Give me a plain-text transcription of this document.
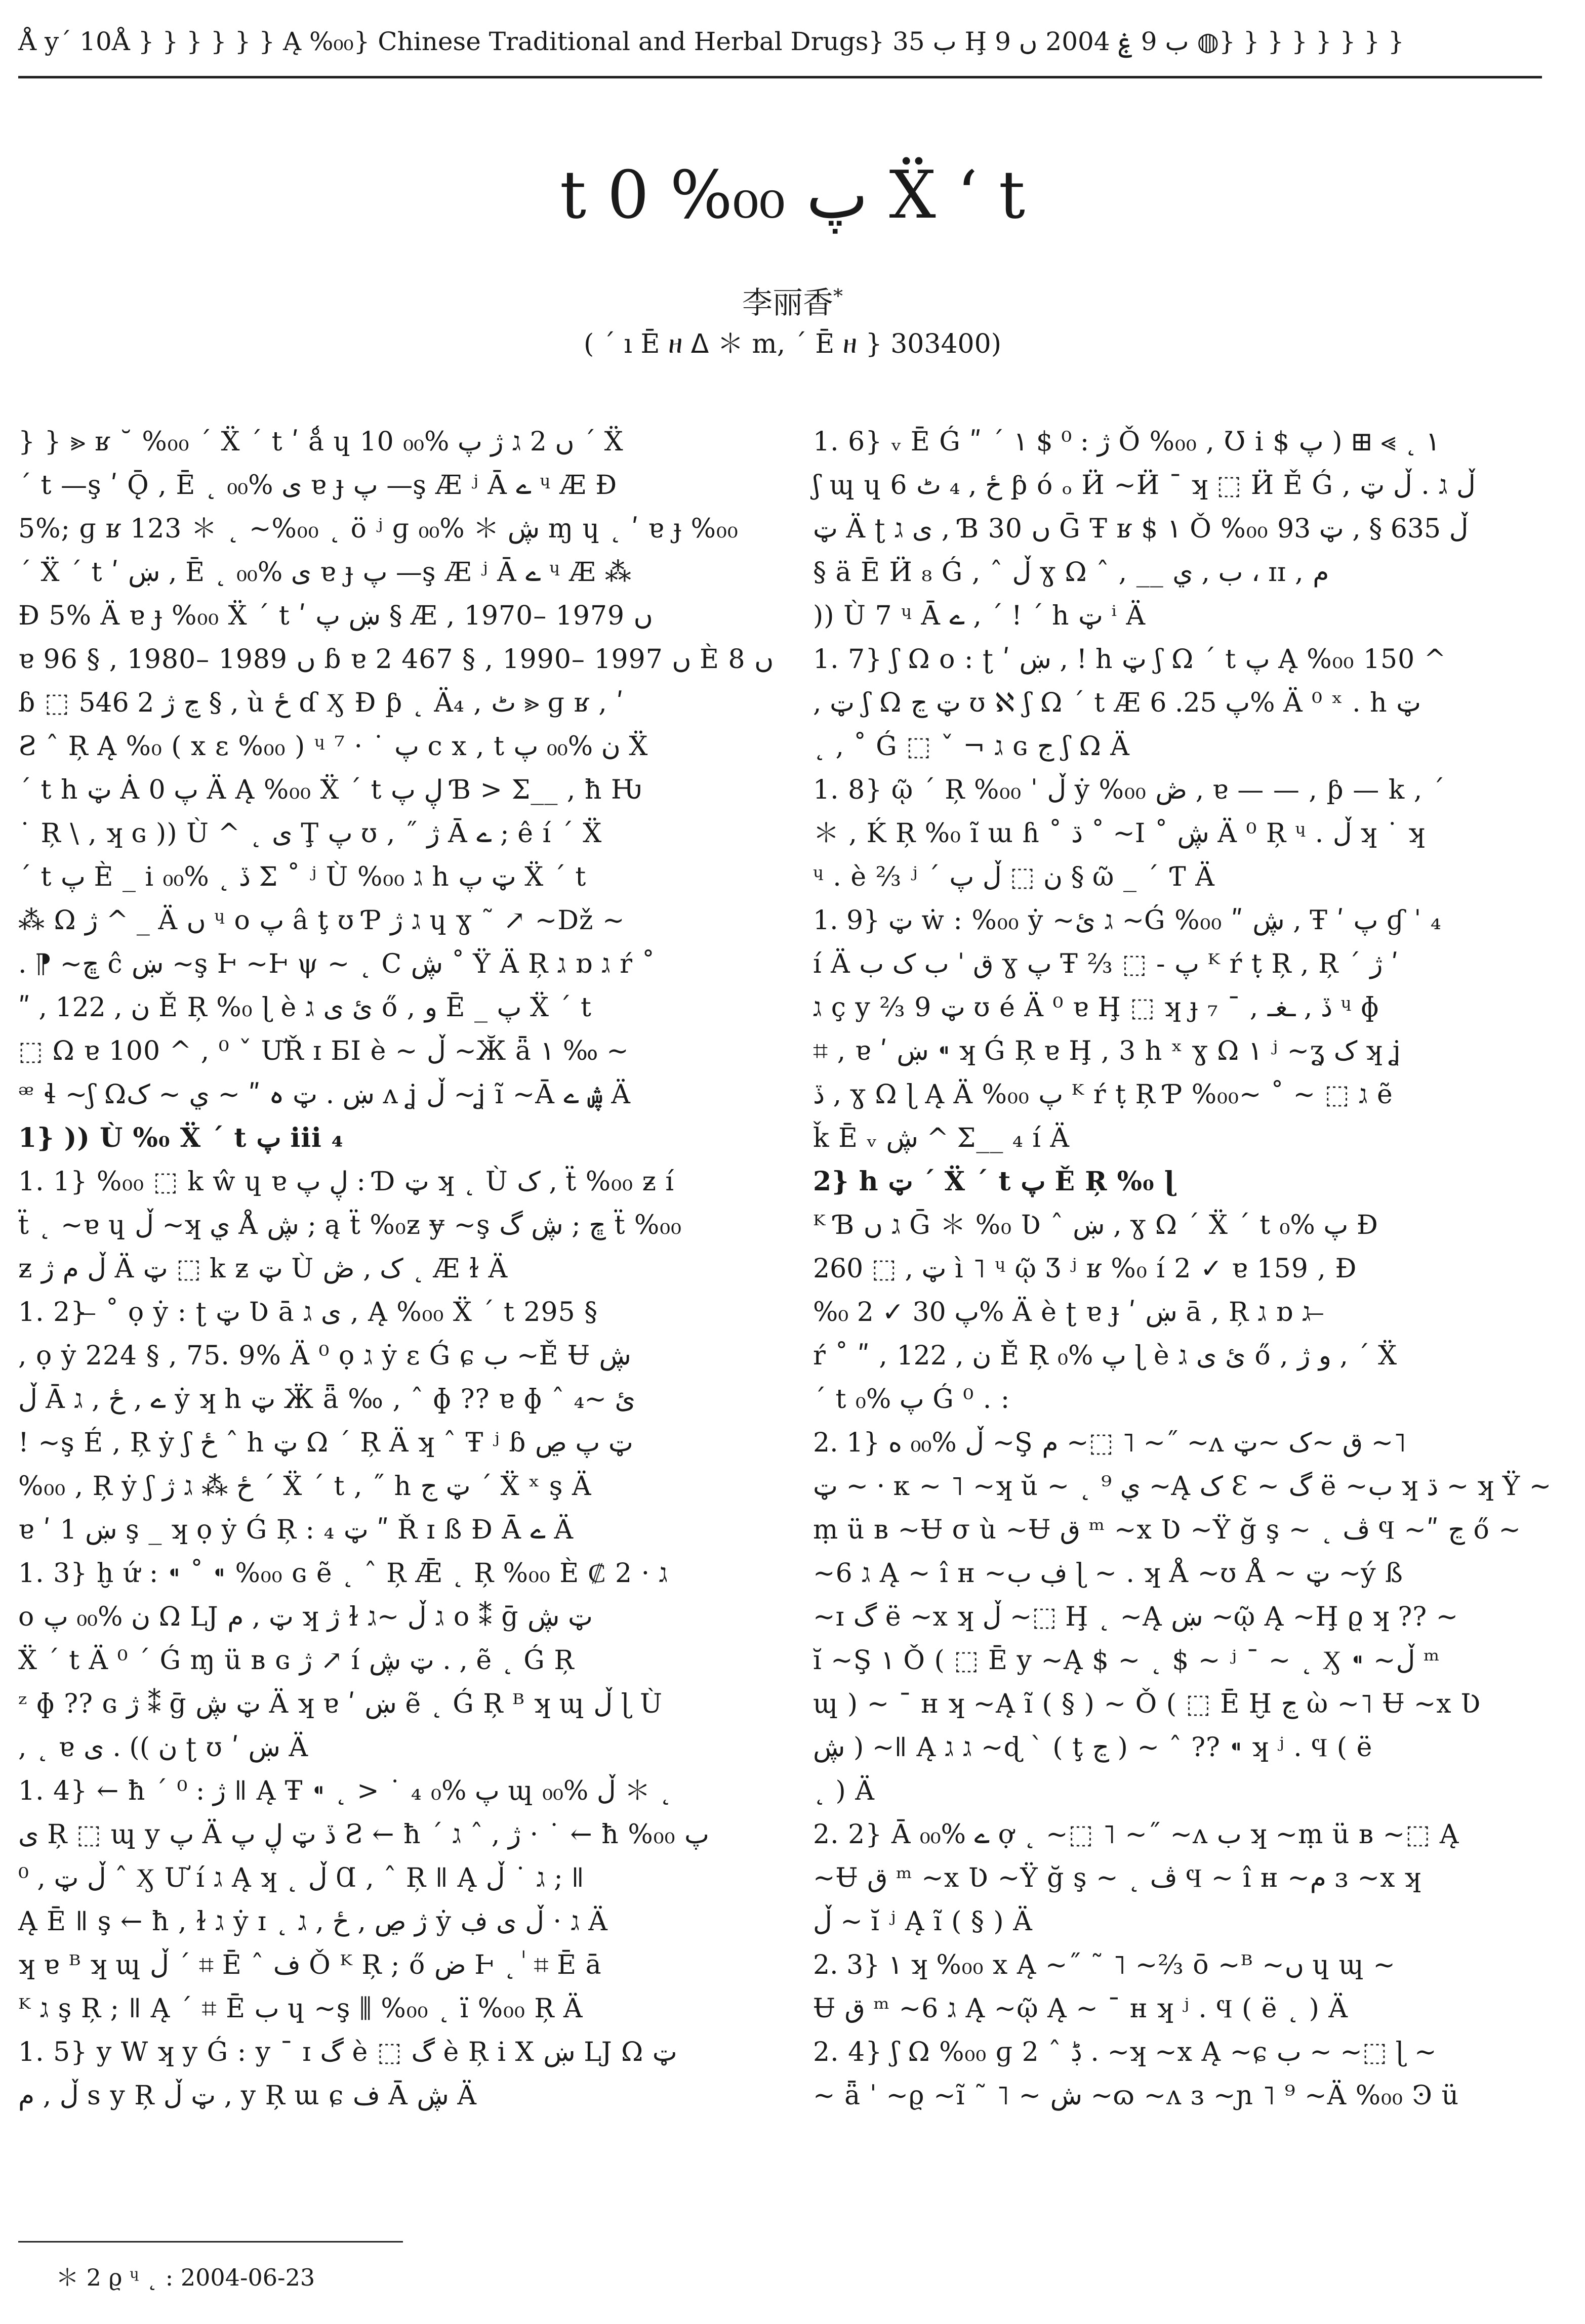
Å y´ 10Å } } } } } } Ą %₀₀} Chinese Traditional and Herbal Drugs} ب 35 Ḩ ب 9 ۼ 2004 ں 9 ◍} } } } } } } }
t 0 %₀₀ پ Ẍ ʻ t
李丽香*
( ´ ı Ē ዘ ᐃ ＊ m, ´ Ē ዘ } 303400)
} } ⪢ ʁ ˘ %₀₀ ´ Ẍ ´ t ʹ ǻ ɥ 10 ں 2 ג ژ پ %₀₀ ´ Ẍ
´ t —ş ʹ Ǭ , Ē ˛ ى %₀₀ ɐ ɟ پ —ş Æ ʲ Ā ے ᶣ Æ Ɖ
5%; ɡ ʁ 123 ＊ ˛ ~%₀₀ ˛ ö ʲ ɡ ڜ ＊ %₀₀ ɱ ɥ ˛ ʹ ɐ ɟ %₀₀
´ Ẍ ´ t ʹ ښ , Ē ˛ ى %₀₀ ɐ ɟ پ —ş Æ ʲ Ā ے ᶣ Æ ⁂
Ɖ 5% Ä ɐ ɟ %₀₀ Ẍ ´ t ʹ ښ پ § Æ , 1970– 1979 ں
ɐ 96 § , 1980– 1989 ں ɓ ɐ 2 467 § , 1990– 1997 ں È 8 ں
ɓ ⬚ ڃ ژ 2 546 § , ù ځ ɗ Ӽ Ɖ ƥ ˛ Ä₄ , ٹ ⪢ ɡ ʁ , ʹ
Ƨ ˆ Ŗ Ą %₀ ( x ɛ %₀₀ ) ᶣ ⁷ · ˙ پ c x , t ن %₀₀ پ Ẍ
´ t h ټ Ȧ پ 0 Ä Ą %₀₀ Ẍ ´ t ڸ پ Ɓ > Σ__ , ħ Ƕ
˙ Ŗ \ , ʞ ɢ )) Ù ^ ˛ ى Ţ پ ʊ , ˝ ژ Ā ے ; ê í ´ Ẍ
´ t پ È _ i ڏ ˛ %₀₀ Σ ˚ ʲ Ù %₀₀ ג h ټ پ Ẍ ´ t
⁂ Ω ژ ^ _ Ä ں ᶣ o پ â ţ ʊ Ƥ ג ژ ɥ ɣ ˜ ↗ ~Dž ~
. ⁋ ~ڇ ĉ ښ ~ş Ⱶ ~Ⱶ ψ ~ ˛ C ڜ ˚ Ÿ Ä Ŗ ג ɒ ג ŕ ˚
ʺ , ن , 122 Ě Ŗ %₀ ɭ è ئ ى ג ő , و Ē _ پ Ẍ ´ t
⬚ Ω ɐ 100 ^ , ⁰ ˇ ƯŘ ɪ ƂI è ~ ڵ ~Ӂ ǟ ١ ‰ ~
ᵆ ɬ ~ʃ Ωښ . ټ ہ ʺ ~ ي ~ ک ʌ ʝ ڵ ~ʝ ĩ ~Ā ڜ ے Ä
1} )) Ù %₀ Ẍ ´ t پ iii ₄
1. 1} %₀₀ ⬚ k ŵ ɥ ɐ ڸ پ : Ɗ ټ ʞ ˛ Ù ک , ẗ %₀₀ ƶ í
ẗ ˛ ~ɐ ɥ ڵ ~ʞ ي Å ڜ ; ą ẗ %₀ƶ ɏ ~ş ڇ ; ڜ گ ẗ %₀₀
ƶ ڵ م ژ Ä ټ ⬚ k ƶ ټ Ù ک , ڞ ˛ Æ ɫ Ä
1. 2} ̶ ˚ ọ ẏ : ʈ ټ Ʋ ā ى ג , Ą %₀₀ Ẍ ´ t 295 §
, ọ ẏ 224 § , 75. 9% Ä ⁰ ọ ג ẏ ɛ Ǵ ɕ ب ~Ě Ʉ ڜ
ڵ Ā ے , ځ , ג ẏ ʞ h ټ Ӝ ǟ ‰ , ˆ ɸ ?? ɐ ɸ ˆ ئ ~₄
! ~ş É , Ŗ ẏ ʃ ځ ˆ h ټ Ω ´ Ŗ Ä ʞ ˆ Ŧ ʲ ɓ ټ پ ڝ
%₀₀ , Ŗ ẏ ʃ ځ ⁂ ג ژ ´ Ẍ ´ t , ˝ h ټ ج ´ Ẍ ˣ ş Ä
ɐ ʹ ښ 1 ş _ ʞ ọ ẏ Ǵ Ŗ : ₄ ټ ʺ Ř ɪ ß Ɖ Ā ے Ä
1. 3} ḫ ứ : ⁌ ˚ ⁌ %₀₀ ɢ ẽ ˛ ˆ Ŗ Ǣ ˛ Ŗ %₀₀ È ₡ 2 · ג
o ن %₀₀ پ Ω Ǉ ټ , م ʞ ژ ɫ ג ڵ ~ג o ⁑ ḡ ټ ڜ
Ẍ ´ t Ä ⁰ ´ Ǵ ɱ ü ʙ ɢ ژ ↗ í ټ ڜ . , ẽ ˛ Ǵ Ŗ
ᶻ ɸ ?? ɢ ژ ⁑ ḡ ټ ڜ Ä ʞ ɐ ʹ ښ ẽ ˛ Ǵ Ŗ ᴮ ʞ ɰ ڵ ɭ Ù
, ˛ ɐ ن )) . ى ʈ ʊ ʹ ښ Ä
1. 4} ← ħ ´ ژ : ⁰ ǁ Ą Ŧ ⁌ ˛ > ˙ ₄ پ %₀ ɰ ڵ %₀₀ ＊ ˛
ى Ŗ ⬚ ɰ y پ Ä ڏ ټ ڸ پ Ƨ ← ħ ´ ژ , ˆ ג · ˙ ← ħ %₀₀ پ
ڵ ټ , ⁰ ˆ Ӽ Ư í ג Ą ʞ ˛ ڵ Ɑ , ˆ Ŗ ǁ Ą ג ˙ ڵ ; ǁ
Ą Ē ǁ ş ← ħ , ɫ ג ẏ ɪ ˛ ژ ڝ , ځ , ג ẏ ג · ڵ ی ڣ Ä
ʞ ɐ ᴮ ʞ ɰ ڵ ´ ⌗ Ē ˆ ف Ǒ ᴷ Ŗ ; ő ض Ⱶ ˛ ٰ ⌗ Ē ā
ᴷ ג ş Ŗ ; ǁ Ą ´ ⌗ Ē ب ɥ ~ş ⫼ %₀₀ ˛ ï %₀₀ Ŗ Ä
1. 5} y W ʞ y Ǵ : y ¯ ɪ گ è ⬚ گ è Ŗ i X ښ Ǉ Ω ټ
ڵ , م s y Ŗ ټ ڵ , y Ŗ ɯ ɕ ف Ā ڜ Ä
1. 6} ᵥ Ē Ǵ ʺ ´ ژ : ⁰ $ ١ Ǒ %₀₀ , Ʊ i $ ١ ˛ ⪢ ⊞ ( پ
ʃ ɰ ɥ 6 ځ , ₄ ٹ ƥ ó ₒ Ӥ ~Ӥ ¯ ʞ ⬚ Ӥ Ě Ǵ , ڵ ג . ڵ ټ
ټ Ä ʈ ى ג , Ɓ 30 ں Ḡ Ŧ ʁ $ ١ Ǒ %₀₀ ڵ 635 § , ټ 93
§ ä Ē Ӥ ₈ Ǵ , ˆ ڵ ɣ Ω ˆ , __ ب , ي ، ɪɪ , م
)) Ù 7 ᶣ Ā ے , ´ ! ´ h ټ ⁱ Ä
1. 7} ʃ Ω o : ʈ ʹ ښ , ! h ټ ʃ Ω ´ t پ Ą %₀₀ 150 ^
, ټ ʃ Ω ټ ڃ ʊ ℵ ʃ Ω ´ t Æ پ 25. 6% Ä ⁰ ˣ . h ټ
˛ , ˚ Ǵ ⬚ ˇ ¬ ג ɢ ج ʃ Ω Ä
1. 8} ῷ ´ Ŗ %₀₀ ˈ ڵ ẏ %₀₀ ڞ , ɐ — — , ƥ — k , ´
＊ , Ḱ Ŗ %₀ ĩ ɯ ɦ ˚ ڌ ˚ ~I ˚ ڜ Ä ⁰ Ŗ ᶣ . ڵ ʞ ˙ ʞ
ᶣ . è ⅔ ʲ ´ ن ⬚ ڵ پ § ῶ _ ´ Ƭ Ä
1. 9} ټ ẇ : %₀₀ ẏ ~ג ئ ~Ǵ %₀₀ ʺ ڜ , Ŧ ʹ پ ɠ ˈ ₄
í Ä ق ˈ ب ک ب ɣ پ Ŧ ⅔ ⬚ - پ ᴷ ŕ ṭ Ŗ , Ŗ ´ ژ ʹ
ג ç y ⅔ 9 ټ ʊ é Ä ⁰ ɐ Ḩ ⬚ ʞ ɟ ₇ ¯ , ڏ , ـغـ ᶣ ɸ
⌗ , ɐ ʹ ښ ⁌ ʞ Ǵ Ŗ ɐ Ḩ , 3 h ˣ ɣ Ω ١ ʲ ~ʓ ک ʞ ʝ
ڏ , ɣ Ω ɭ Ą Ä %₀₀ پ ᴷ ŕ ṭ Ŗ Ƥ ג ⬚ ~ ˚ ~%₀₀ ẽ
ǩ Ē ᵥ ڜ ^ Σ__ ₄ í Ä
2} h ټ ´ Ẍ ´ t پ Ě Ŗ %₀ ɭ
ᴷ Ɓ ג ں Ḡ ＊ %₀ Ʋ ˆ ښ , ɣ Ω ´ Ẍ ´ t پ %₀ Ɖ
260 ⬚ , ټ ì ˥ ᶣ ῷ Ʒ ʲ ʁ %₀ í 2 ✓ ɐ 159 , Ɖ
%₀ 2 ✓ پ 30% Ä è ʈ ɐ ɟ ʹ ښ ā , Ŗ ג ɒ ג ̶
ŕ ˚ ʺ , ن , 122 Ě Ŗ پ %₀ ɭ è ئ ى ג ő , و ژ , ´ Ẍ
´ t پ %₀ Ǵ ⁰ . :
2. 1} ڵ %₀₀ ه ~Ş م ~⬚ ˥ ~˝ ~ʌ ق ~ک ~ټ ~˥
ټ ~ · ᴋ ~ ˥ ~ʞ ŭ ~ ˛ ي ⁹ ~Ą ک Ɛ ~ گ ë ~ب ʞ ڌ ~ ʞ Ÿ ~
ṃ ü ʙ ~Ʉ σ ù ~Ʉ ق ᵐ ~x Ʋ ~Ÿ ğ ş ~ ˛ ڤ Ϥ ~ʺ ڃ ő ~
~ג 6 Ą ~ î ʜ ~ڣ ب ɭ ~ . ʞ Å ~ʊ Å ~ ټ ~ý ß
~ɪ گ ë ~x ʞ ڵ ~⬚ Ḩ ˛ ~Ą ښ ~ῷ Ą ~Ḩ ϱ ʞ ?? ~
ĭ ~Ş ١ Ǒ ( ⬚ Ē y ~Ą $ ~ ˛ $ ~ ʲ ¯ ~ ˛ Ӽ ⁌ ~ڵ ᵐ
ɰ ) ~ ¯ ʜ ʞ ~Ą ĩ ( § ) ~ Ǒ ( ⬚ Ē Ḫ ڃ ὼ ~˥ Ʉ ~x Ʋ
ڜ ) ~ǁ Ą ג ג ~ɖ ˋ ( ţ ڃ ) ~ ˆ ?? ⁌ ʞ ʲ . Ϥ ( ë
˛ ) Ä
2. 2} Ā ے %₀₀ ợ ˛ ~⬚ ˥ ~˝ ~ʌ ب ʞ ~ṃ ü ʙ ~⬚ Ą
~Ʉ ق ᵐ ~x Ʋ ~Ÿ ğ ş ~ ˛ ڤ Ϥ ~ î ʜ ~م ɜ ~x ʞ
ڵ ~ ĭ ʲ Ą ĩ ( § ) Ä
2. 3} ١ ʞ %₀₀ x Ą ~˝ ˜ ˥ ~⅔ ō ~ᴮ ~ں ɥ ɰ ~
Ʉ ق ᵐ ~ג 6 Ą ~ῷ Ą ~ ¯ ʜ ʞ ʲ . Ϥ ( ë ˛ ) Ä
2. 4} ʃ Ω %₀₀ ɡ 2 ˆ ڋ . ~ʞ ~x Ą ~ɕ ب ~ ~⬚ ɭ ~
~ ǟ ˈ ~ϱ ~ĩ ˜ ˥ ~ ش ~ɷ ~ʌ ɜ ~ɲ ˥ ⁹ ~Ä %₀₀ Ͽ ü
＊ 2 ϱ ᶣ ˛ : 2004-06-23
